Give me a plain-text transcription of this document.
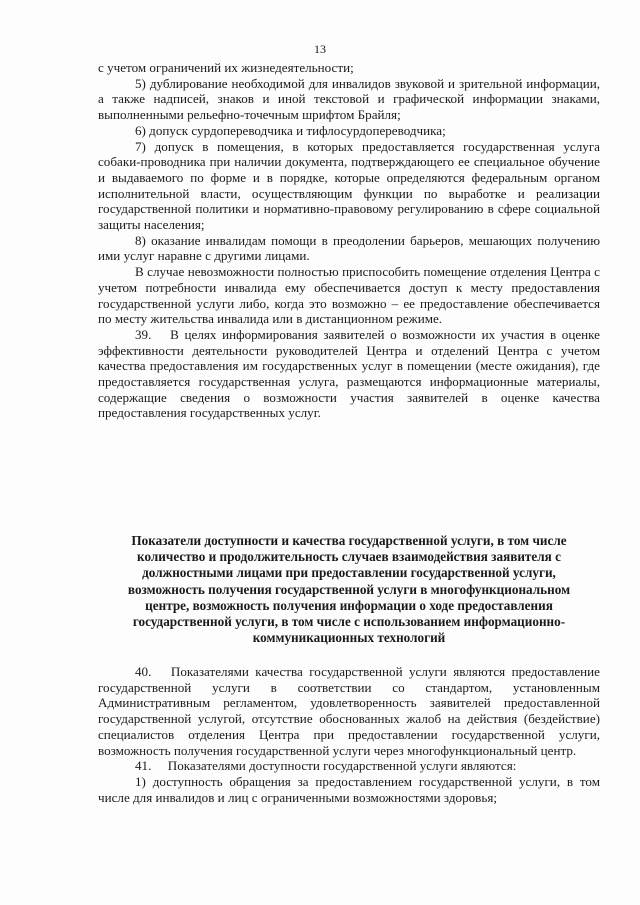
13

с учетом ограничений их жизнедеятельности;

5) дублирование необходимой для инвалидов звуковой и зрительной информации, а также надписей, знаков и иной текстовой и графической информации знаками, выполненными рельефно-точечным шрифтом Брайля;

6) допуск сурдопереводчика и тифлосурдопереводчика;

7) допуск в помещения, в которых предоставляется государственная услуга собаки-проводника при наличии документа, подтверждающего ее специальное обучение и выдаваемого по форме и в порядке, которые определяются федеральным органом исполнительной власти, осуществляющим функции по выработке и реализации государственной политики и нормативно-правовому регулированию в сфере социальной защиты населения;

8) оказание инвалидам помощи в преодолении барьеров, мешающих получению ими услуг наравне с другими лицами.

В случае невозможности полностью приспособить помещение отделения Центра с учетом потребности инвалида ему обеспечивается доступ к месту предоставления государственной услуги либо, когда это возможно – ее предоставление обеспечивается по месту жительства инвалида или в дистанционном режиме.

39.  В целях информирования заявителей о возможности их участия в оценке эффективности деятельности руководителей Центра и отделений Центра с учетом качества предоставления им государственных услуг в помещении (месте ожидания), где предоставляется государственная услуга, размещаются информационные материалы, содержащие сведения о возможности участия заявителей в оценке качества предоставления государственных услуг.

Показатели доступности и качества государственной услуги, в том числе количество и продолжительность случаев взаимодействия заявителя с должностными лицами при предоставлении государственной услуги, возможность получения государственной услуги в многофункциональном центре, возможность получения информации о ходе предоставления государственной услуги, в том числе с использованием информационно-коммуникационных технологий

40.  Показателями качества государственной услуги являются предоставление государственной услуги в соответствии со стандартом, установленным Административным регламентом, удовлетворенность заявителей предоставленной государственной услугой, отсутствие обоснованных жалоб на действия (бездействие) специалистов отделения Центра при предоставлении государственной услуги, возможность получения государственной услуги через многофункциональный центр.

41.  Показателями доступности государственной услуги являются:

1) доступность обращения за предоставлением государственной услуги, в том числе для инвалидов и лиц с ограниченными возможностями здоровья;
